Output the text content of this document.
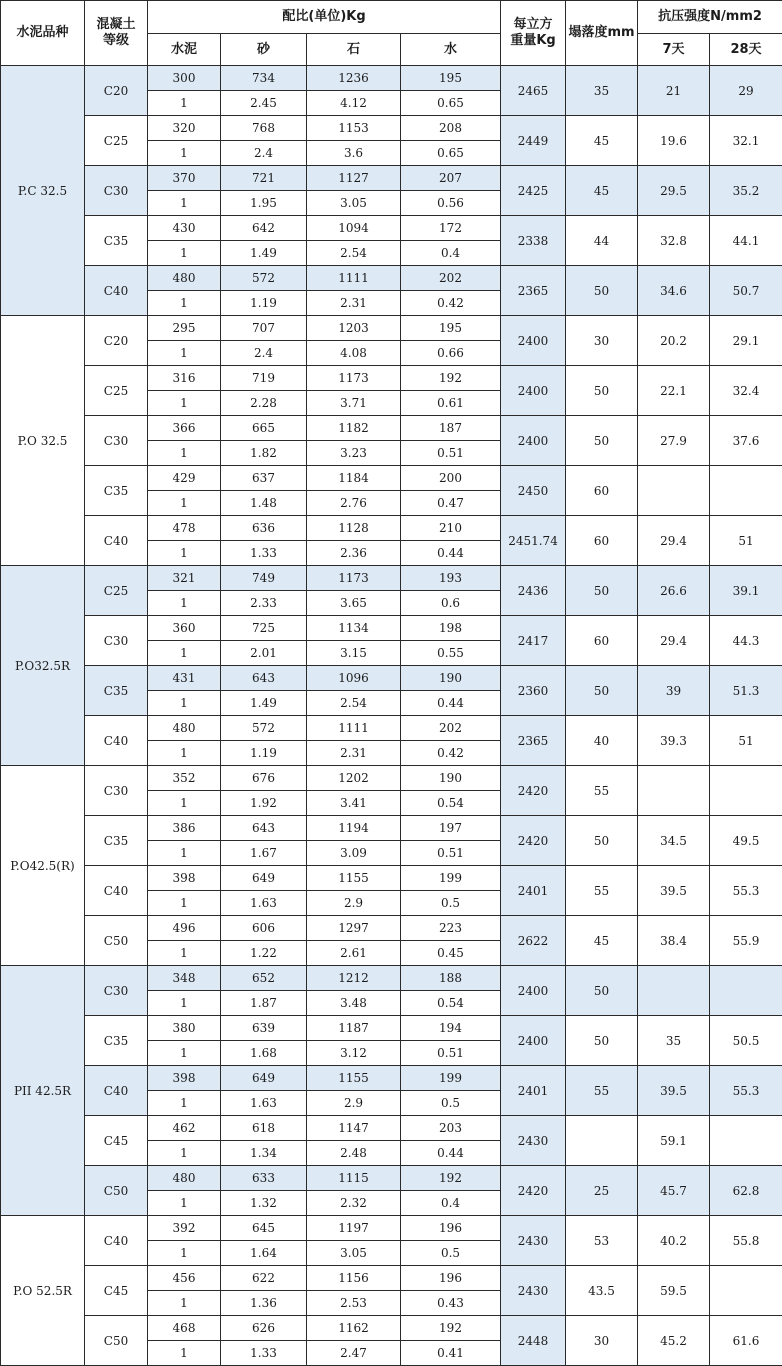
水泥品种	混凝土
等级	配比(单位)Kg				每立方
重量Kg	塌落度mm	抗压强度N/mm2	
		水泥	砂	石	水			7天	28天
P.C 32.5	C20	300	734	1236	195	2465	35	21	29
		1	2.45	4.12	0.65				
	C25	320	768	1153	208	2449	45	19.6	32.1
		1	2.4	3.6	0.65				
	C30	370	721	1127	207	2425	45	29.5	35.2
		1	1.95	3.05	0.56				
	C35	430	642	1094	172	2338	44	32.8	44.1
		1	1.49	2.54	0.4				
	C40	480	572	1111	202	2365	50	34.6	50.7
		1	1.19	2.31	0.42				
P.O 32.5	C20	295	707	1203	195	2400	30	20.2	29.1
		1	2.4	4.08	0.66				
	C25	316	719	1173	192	2400	50	22.1	32.4
		1	2.28	3.71	0.61				
	C30	366	665	1182	187	2400	50	27.9	37.6
		1	1.82	3.23	0.51				
	C35	429	637	1184	200	2450	60		
		1	1.48	2.76	0.47				
	C40	478	636	1128	210	2451.74	60	29.4	51
		1	1.33	2.36	0.44				
P.O32.5R	C25	321	749	1173	193	2436	50	26.6	39.1
		1	2.33	3.65	0.6				
	C30	360	725	1134	198	2417	60	29.4	44.3
		1	2.01	3.15	0.55				
	C35	431	643	1096	190	2360	50	39	51.3
		1	1.49	2.54	0.44				
	C40	480	572	1111	202	2365	40	39.3	51
		1	1.19	2.31	0.42				
P.O42.5(R)	C30	352	676	1202	190	2420	55		
		1	1.92	3.41	0.54				
	C35	386	643	1194	197	2420	50	34.5	49.5
		1	1.67	3.09	0.51				
	C40	398	649	1155	199	2401	55	39.5	55.3
		1	1.63	2.9	0.5				
	C50	496	606	1297	223	2622	45	38.4	55.9
		1	1.22	2.61	0.45				
PII 42.5R	C30	348	652	1212	188	2400	50		
		1	1.87	3.48	0.54				
	C35	380	639	1187	194	2400	50	35	50.5
		1	1.68	3.12	0.51				
	C40	398	649	1155	199	2401	55	39.5	55.3
		1	1.63	2.9	0.5				
	C45	462	618	1147	203	2430		59.1	
		1	1.34	2.48	0.44				
	C50	480	633	1115	192	2420	25	45.7	62.8
		1	1.32	2.32	0.4				
P.O 52.5R	C40	392	645	1197	196	2430	53	40.2	55.8
		1	1.64	3.05	0.5				
	C45	456	622	1156	196	2430	43.5	59.5	
		1	1.36	2.53	0.43				
	C50	468	626	1162	192	2448	30	45.2	61.6
		1	1.33	2.47	0.41				
